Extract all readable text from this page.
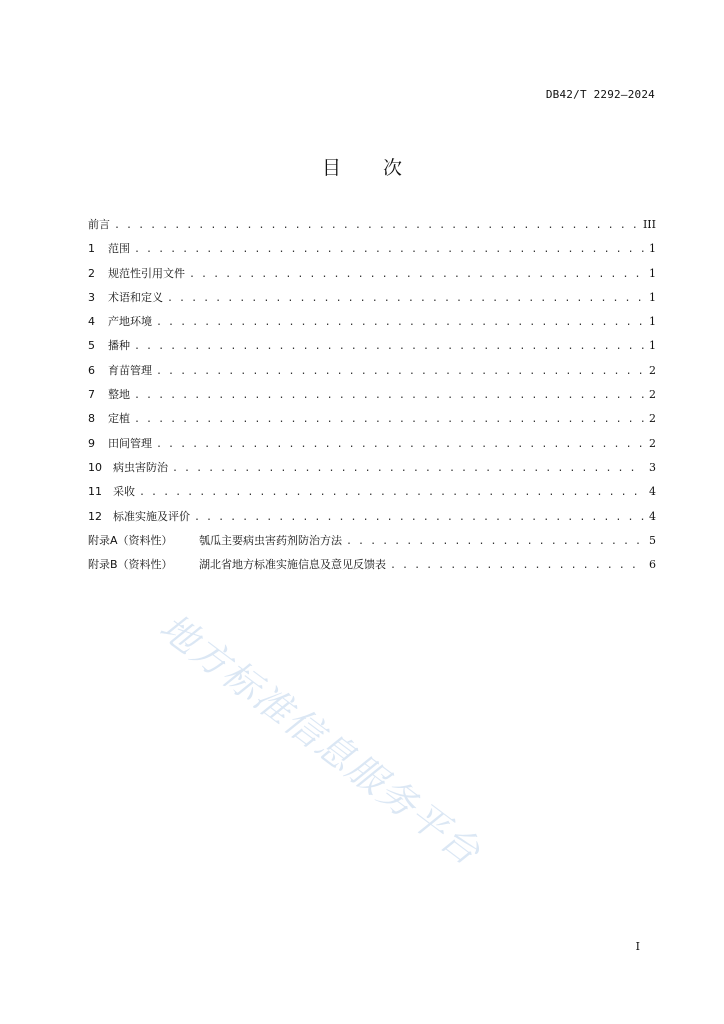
DB42/T 2292—2024
目 次
前言 . . .	III
1	范围 . . .	1
2	规范性引用文件 . . .	1
3	术语和定义 . . .	1
4	产地环境 . . .	1
5	播种 . . .	1
6	育苗管理 . . .	2
7	整地 . . .	2
8	定植 . . .	2
9	田间管理 . . .	2
10	病虫害防治 . . .	3
11	采收 . . .	4
12	标准实施及评价 . . .	4
附录A（资料性）	瓠瓜主要病虫害药剂防治方法 . . .	5
附录B（资料性）	湖北省地方标准实施信息及意见反馈表 . . .	6
地方标准信息服务平台
I
